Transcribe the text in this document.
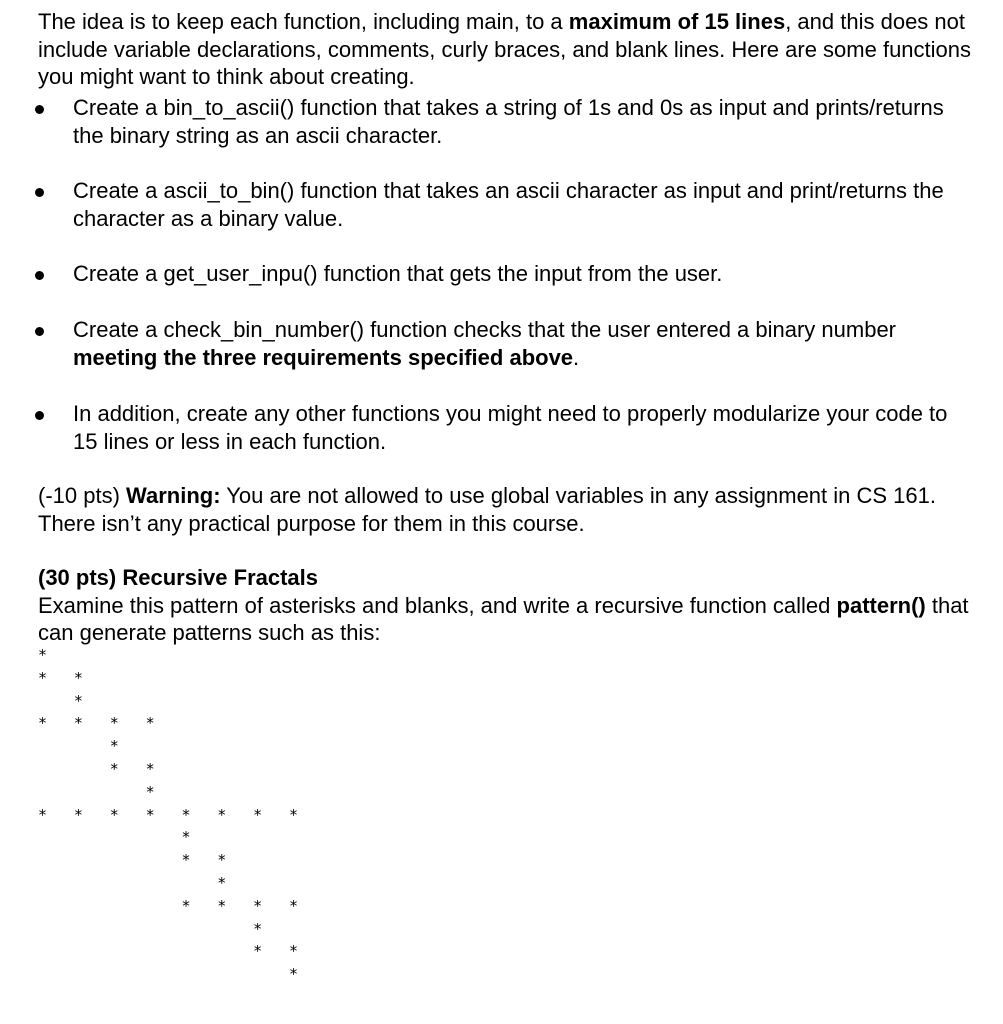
The idea is to keep each function, including main, to a maximum of 15 lines, and this does not include variable declarations, comments, curly braces, and blank lines. Here are some functions you might want to think about creating.
Create a bin_to_ascii() function that takes a string of 1s and 0s as input and prints/returns the binary string as an ascii character.
Create a ascii_to_bin() function that takes an ascii character as input and print/returns the character as a binary value.
Create a get_user_inpu() function that gets the input from the user.
Create a check_bin_number() function checks that the user entered a binary number meeting the three requirements specified above.
In addition, create any other functions you might need to properly modularize your code to 15 lines or less in each function.
(-10 pts) Warning: You are not allowed to use global variables in any assignment in CS 161. There isn’t any practical purpose for them in this course.
(30 pts) Recursive Fractals
Examine this pattern of asterisks and blanks, and write a recursive function called pattern() that can generate patterns such as this:
*
* *
*
* * * *
*
* *
*
* * * * * * * *
*
* *
*
* * * *
*
* *
*
